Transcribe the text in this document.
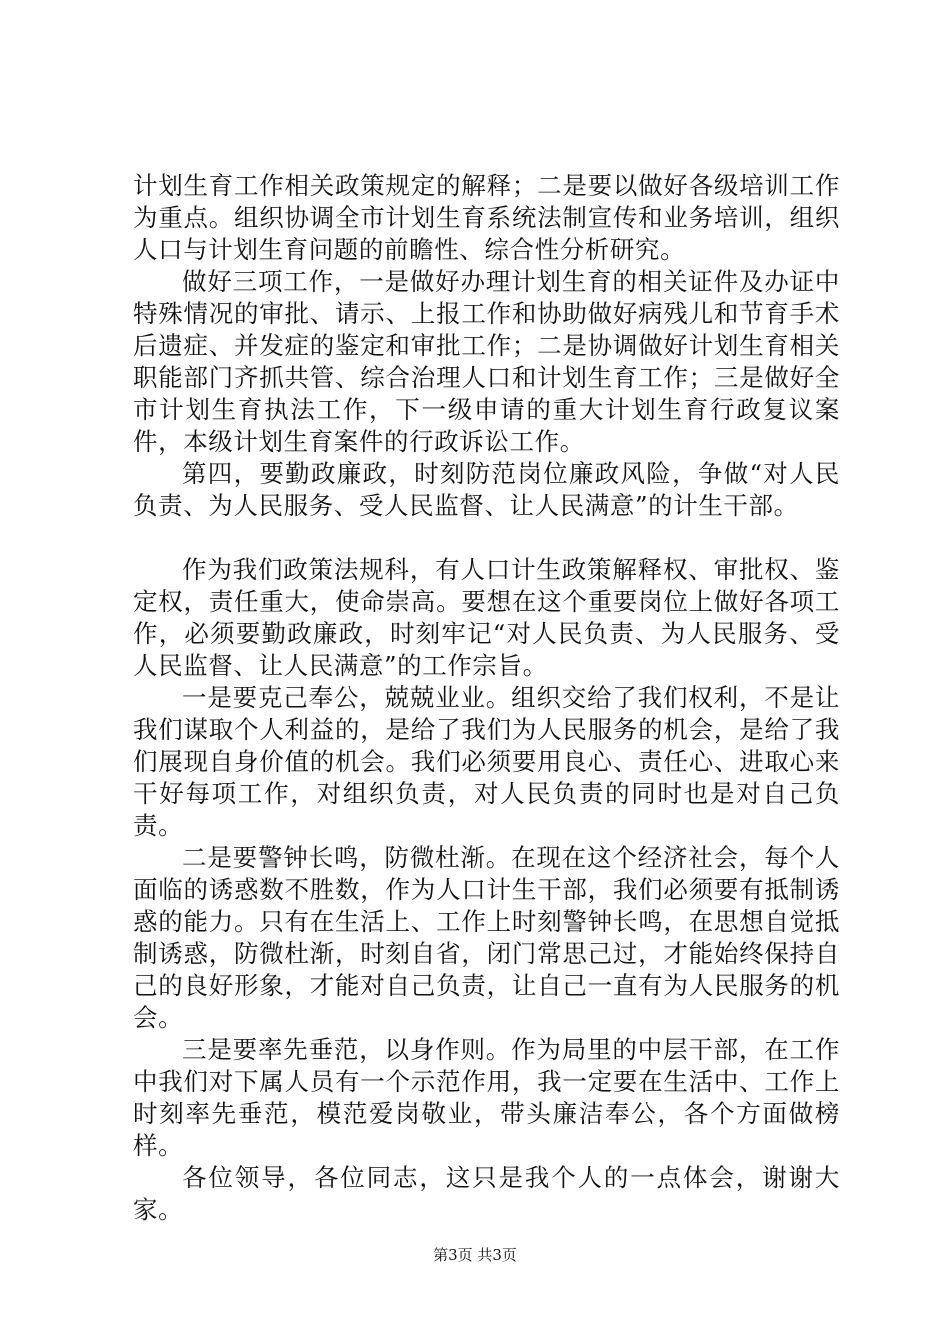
计划生育工作相关政策规定的解释；二是要以做好各级培训工作为重点。组织协调全市计划生育系统法制宣传和业务培训，组织人口与计划生育问题的前瞻性、综合性分析研究。

做好三项工作，一是做好办理计划生育的相关证件及办证中特殊情况的审批、请示、上报工作和协助做好病残儿和节育手术后遗症、并发症的鉴定和审批工作；二是协调做好计划生育相关职能部门齐抓共管、综合治理人口和计划生育工作；三是做好全市计划生育执法工作，下一级申请的重大计划生育行政复议案件，本级计划生育案件的行政诉讼工作。

第四，要勤政廉政，时刻防范岗位廉政风险，争做“对人民负责、为人民服务、受人民监督、让人民满意”的计生干部。

作为我们政策法规科，有人口计生政策解释权、审批权、鉴定权，责任重大，使命崇高。要想在这个重要岗位上做好各项工作，必须要勤政廉政，时刻牢记“对人民负责、为人民服务、受人民监督、让人民满意”的工作宗旨。

一是要克己奉公，兢兢业业。组织交给了我们权利，不是让我们谋取个人利益的，是给了我们为人民服务的机会，是给了我们展现自身价值的机会。我们必须要用良心、责任心、进取心来干好每项工作，对组织负责，对人民负责的同时也是对自己负责。

二是要警钟长鸣，防微杜渐。在现在这个经济社会，每个人面临的诱惑数不胜数，作为人口计生干部，我们必须要有抵制诱惑的能力。只有在生活上、工作上时刻警钟长鸣，在思想自觉抵制诱惑，防微杜渐，时刻自省，闭门常思己过，才能始终保持自己的良好形象，才能对自己负责，让自己一直有为人民服务的机会。

三是要率先垂范，以身作则。作为局里的中层干部，在工作中我们对下属人员有一个示范作用，我一定要在生活中、工作上时刻率先垂范，模范爱岗敬业，带头廉洁奉公，各个方面做榜样。

各位领导，各位同志，这只是我个人的一点体会，谢谢大家。

第3页 共3页
